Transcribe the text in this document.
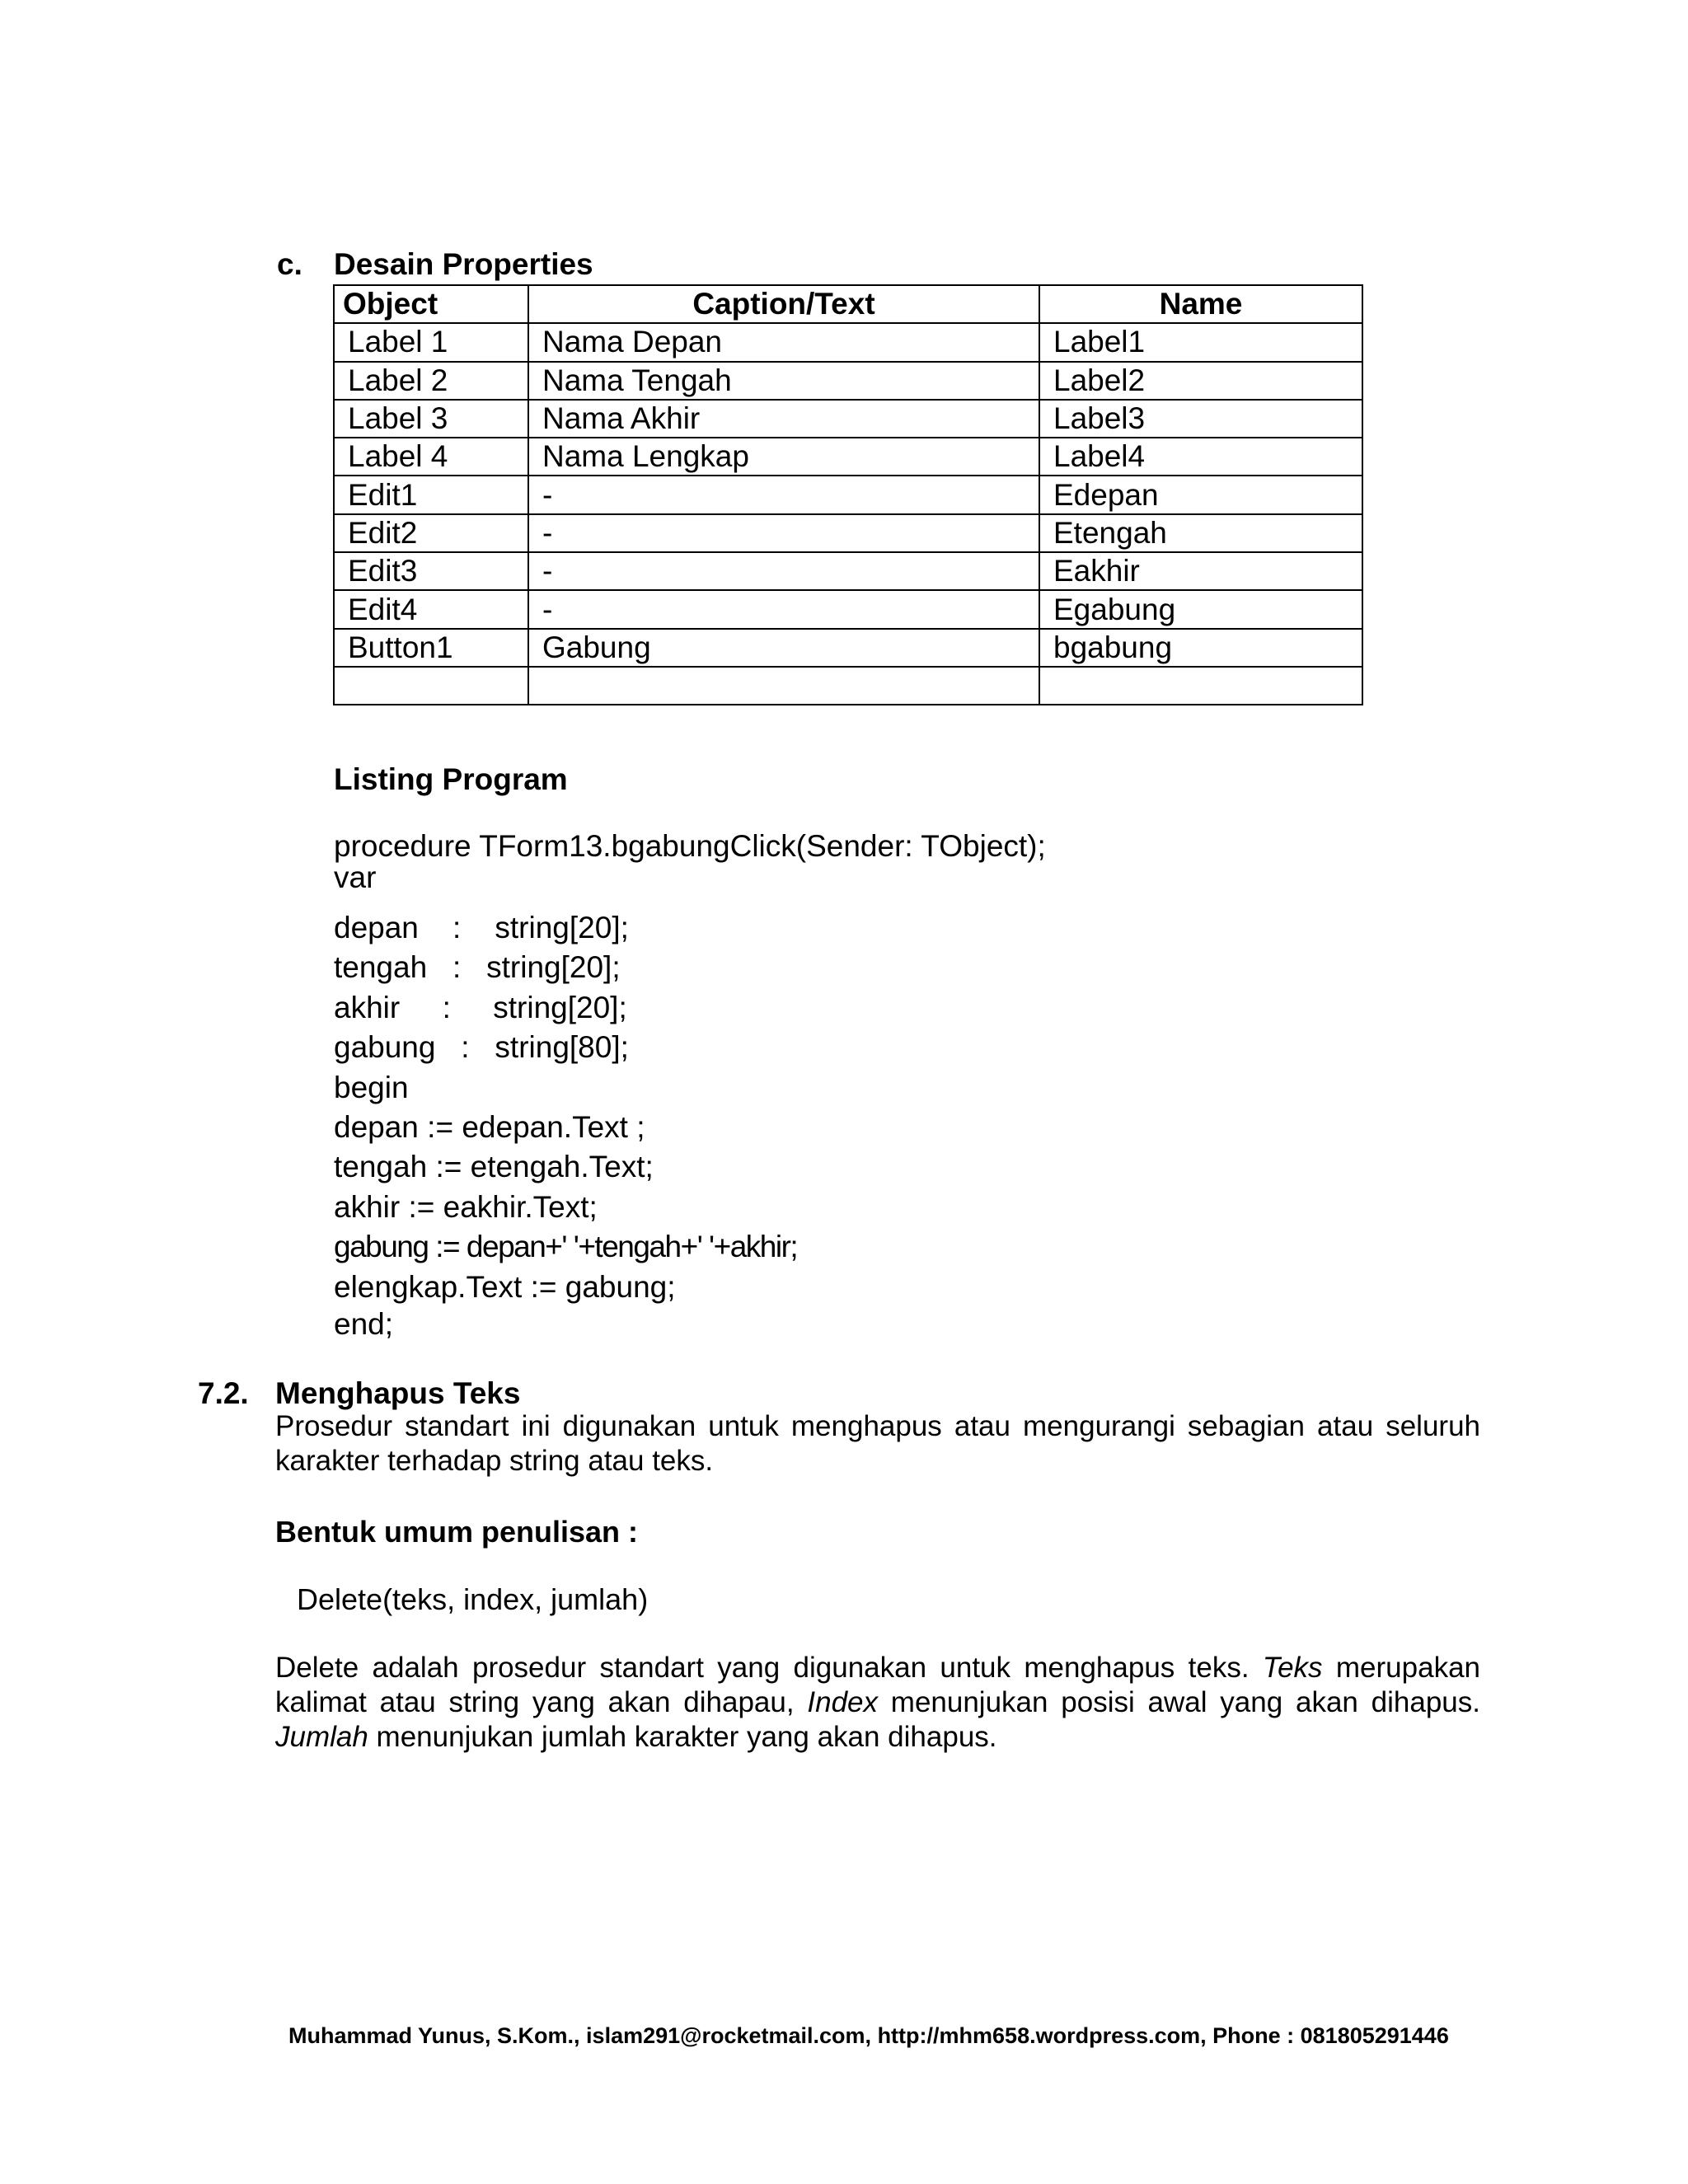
c. Desain Properties
Object	Caption/Text	Name
Label 1	Nama Depan	Label1
Label 2	Nama Tengah	Label2
Label 3	Nama Akhir	Label3
Label 4	Nama Lengkap	Label4
Edit1	-	Edepan
Edit2	-	Etengah
Edit3	-	Eakhir
Edit4	-	Egabung
Button1	Gabung	bgabung

Listing Program
procedure TForm13.bgabungClick(Sender: TObject);
var
depan    :    string[20];
tengah   :   string[20];
akhir     :     string[20];
gabung   :   string[80];
begin
depan := edepan.Text ;
tengah := etengah.Text;
akhir := eakhir.Text;
gabung := depan+' '+tengah+' '+akhir;
elengkap.Text := gabung;
end;
7.2. Menghapus Teks
Prosedur standart ini digunakan untuk menghapus atau mengurangi sebagian atau seluruh karakter terhadap string atau teks.
Bentuk umum penulisan :
Delete(teks, index, jumlah)
Delete adalah prosedur standart yang digunakan untuk menghapus teks. Teks merupakan kalimat atau string yang akan dihapau, Index menunjukan posisi awal yang akan dihapus. Jumlah menunjukan jumlah karakter yang akan dihapus.
Muhammad Yunus, S.Kom., islam291@rocketmail.com, http://mhm658.wordpress.com, Phone : 081805291446
